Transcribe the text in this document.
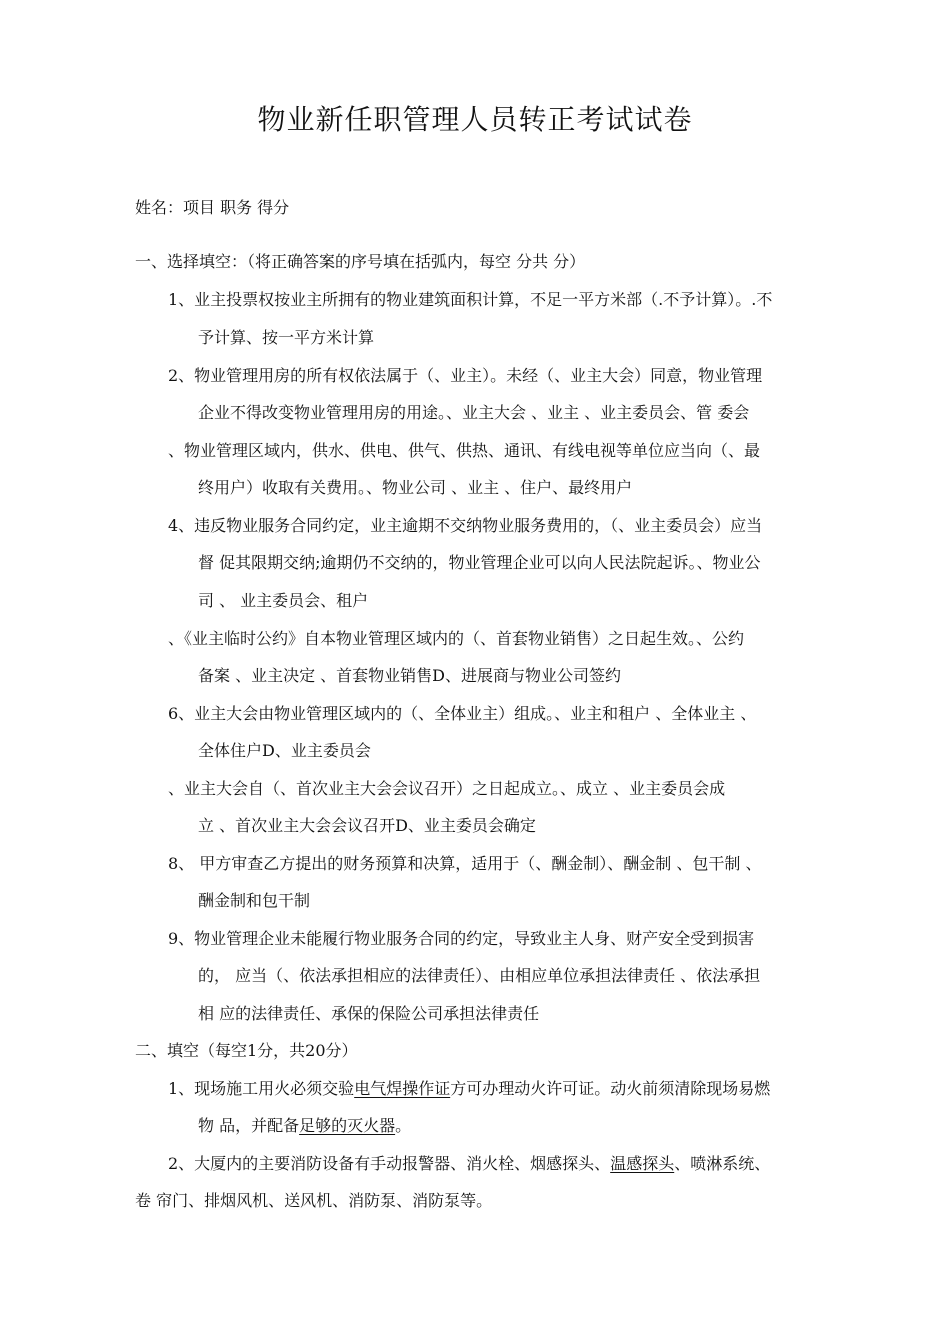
物业新任职管理人员转正考试试卷
姓名：项目 职务 得分
一、选择填空：（将正确答案的序号填在括弧内，每空 分共 分）
1、业主投票权按业主所拥有的物业建筑面积计算，不足一平方米部（.不予计算）。.不
予计算、按一平方米计算
2、物业管理用房的所有权依法属于（、业主）。未经（、业主大会）同意，物业管理
企业不得改变物业管理用房的用途。、业主大会 、业主 、业主委员会、管 委会
、物业管理区域内，供水、供电、供气、供热、通讯、有线电视等单位应当向（、最
终用户）收取有关费用。、物业公司 、业主 、住户、最终用户
4、违反物业服务合同约定，业主逾期不交纳物业服务费用的，（、业主委员会）应当
督 促其限期交纳;逾期仍不交纳的，物业管理企业可以向人民法院起诉。、物业公
司 、 业主委员会、租户
、《业主临时公约》自本物业管理区域内的（、首套物业销售）之日起生效。、公约
备案 、业主决定 、首套物业销售D、进展商与物业公司签约
6、业主大会由物业管理区域内的（、全体业主）组成。、业主和租户 、全体业主 、
全体住户D、业主委员会
、业主大会自（、首次业主大会会议召开）之日起成立。、成立 、业主委员会成
立 、首次业主大会会议召开D、业主委员会确定
8、 甲方审查乙方提出的财务预算和决算，适用于（、酬金制）、酬金制 、包干制 、
酬金制和包干制
9、物业管理企业未能履行物业服务合同的约定，导致业主人身、财产安全受到损害
的， 应当（、依法承担相应的法律责任）、由相应单位承担法律责任 、依法承担
相 应的法律责任、承保的保险公司承担法律责任
二、填空（每空1分，共20分）
1、现场施工用火必须交验电气焊操作证方可办理动火许可证。动火前须清除现场易燃
物 品，并配备足够的灭火器。
2、大厦内的主要消防设备有手动报警器、消火栓、烟感探头、温感探头、喷淋系统、
卷 帘门、排烟风机、送风机、消防泵、消防泵等。
